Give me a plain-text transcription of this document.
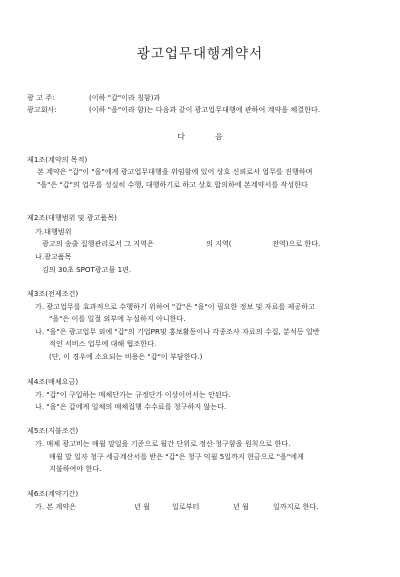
광고업무대행계약서
광 고 주:	(이하 "갑"이라 칭함)과
광고회사:	(이하 "을"이라 함)는 다음과 같이 광고업무대행에 관하여 계약을 체결한다.
다 음
제1조(계약의 목적)
본 계약은 "갑"이 "을"에게 광고업무대행을 위임함에 있어 상호 신뢰로서 업무를 진행하며
"을"은 "갑"의 업무를 성실히 수행, 대행하기로 하고 상호 합의하에 본계약서를 작성한다
제2조(대행범위 및 광고품목)
가.대행범위
광고의 송출 집행관리로서 그 지역은	의 지역(	전역)으로 한다.
나.광고품목
김의 30초 SPOT광고물 1편.
제3조(전제조건)
가. 광고업무를 효과적으로 수행하기 위하여 "갑"은 "을"이 필요한 정보 및 자료를 제공하고
"을"은 이를 일절 외부에 누설하지 아니한다.
나. "을"은 광고업무 외에 "갑"의 기업PR및 홍보활동이나 각종조사 자료의 수집, 분석등 일반
적인 서비스 업무에 대해 협조한다.
(단, 이 경우에 소요되는 비용은 "갑"이 부담한다.)
제4조(매체요금)
가. "갑"이 구입하는 매체단가는 규정단가 이상이어서는 안된다.
나. "을"은 갑에게 일체의 매체집행 수수료를 청구하지 않는다.
제5조(지불조건)
가. 매체 광고비는 매월 말일을 기준으로 월간 단위로 정산·청구함을 원칙으로 한다.
매월 말 일자 청구 세금계산서를 받은 "갑"은 청구 익월 5일까지 현금으로 "을"에게
지불하여야 한다.
제6조(계약기간)
가. 본 계약은	년 월	일로부터	년 월	일까지로 한다.
